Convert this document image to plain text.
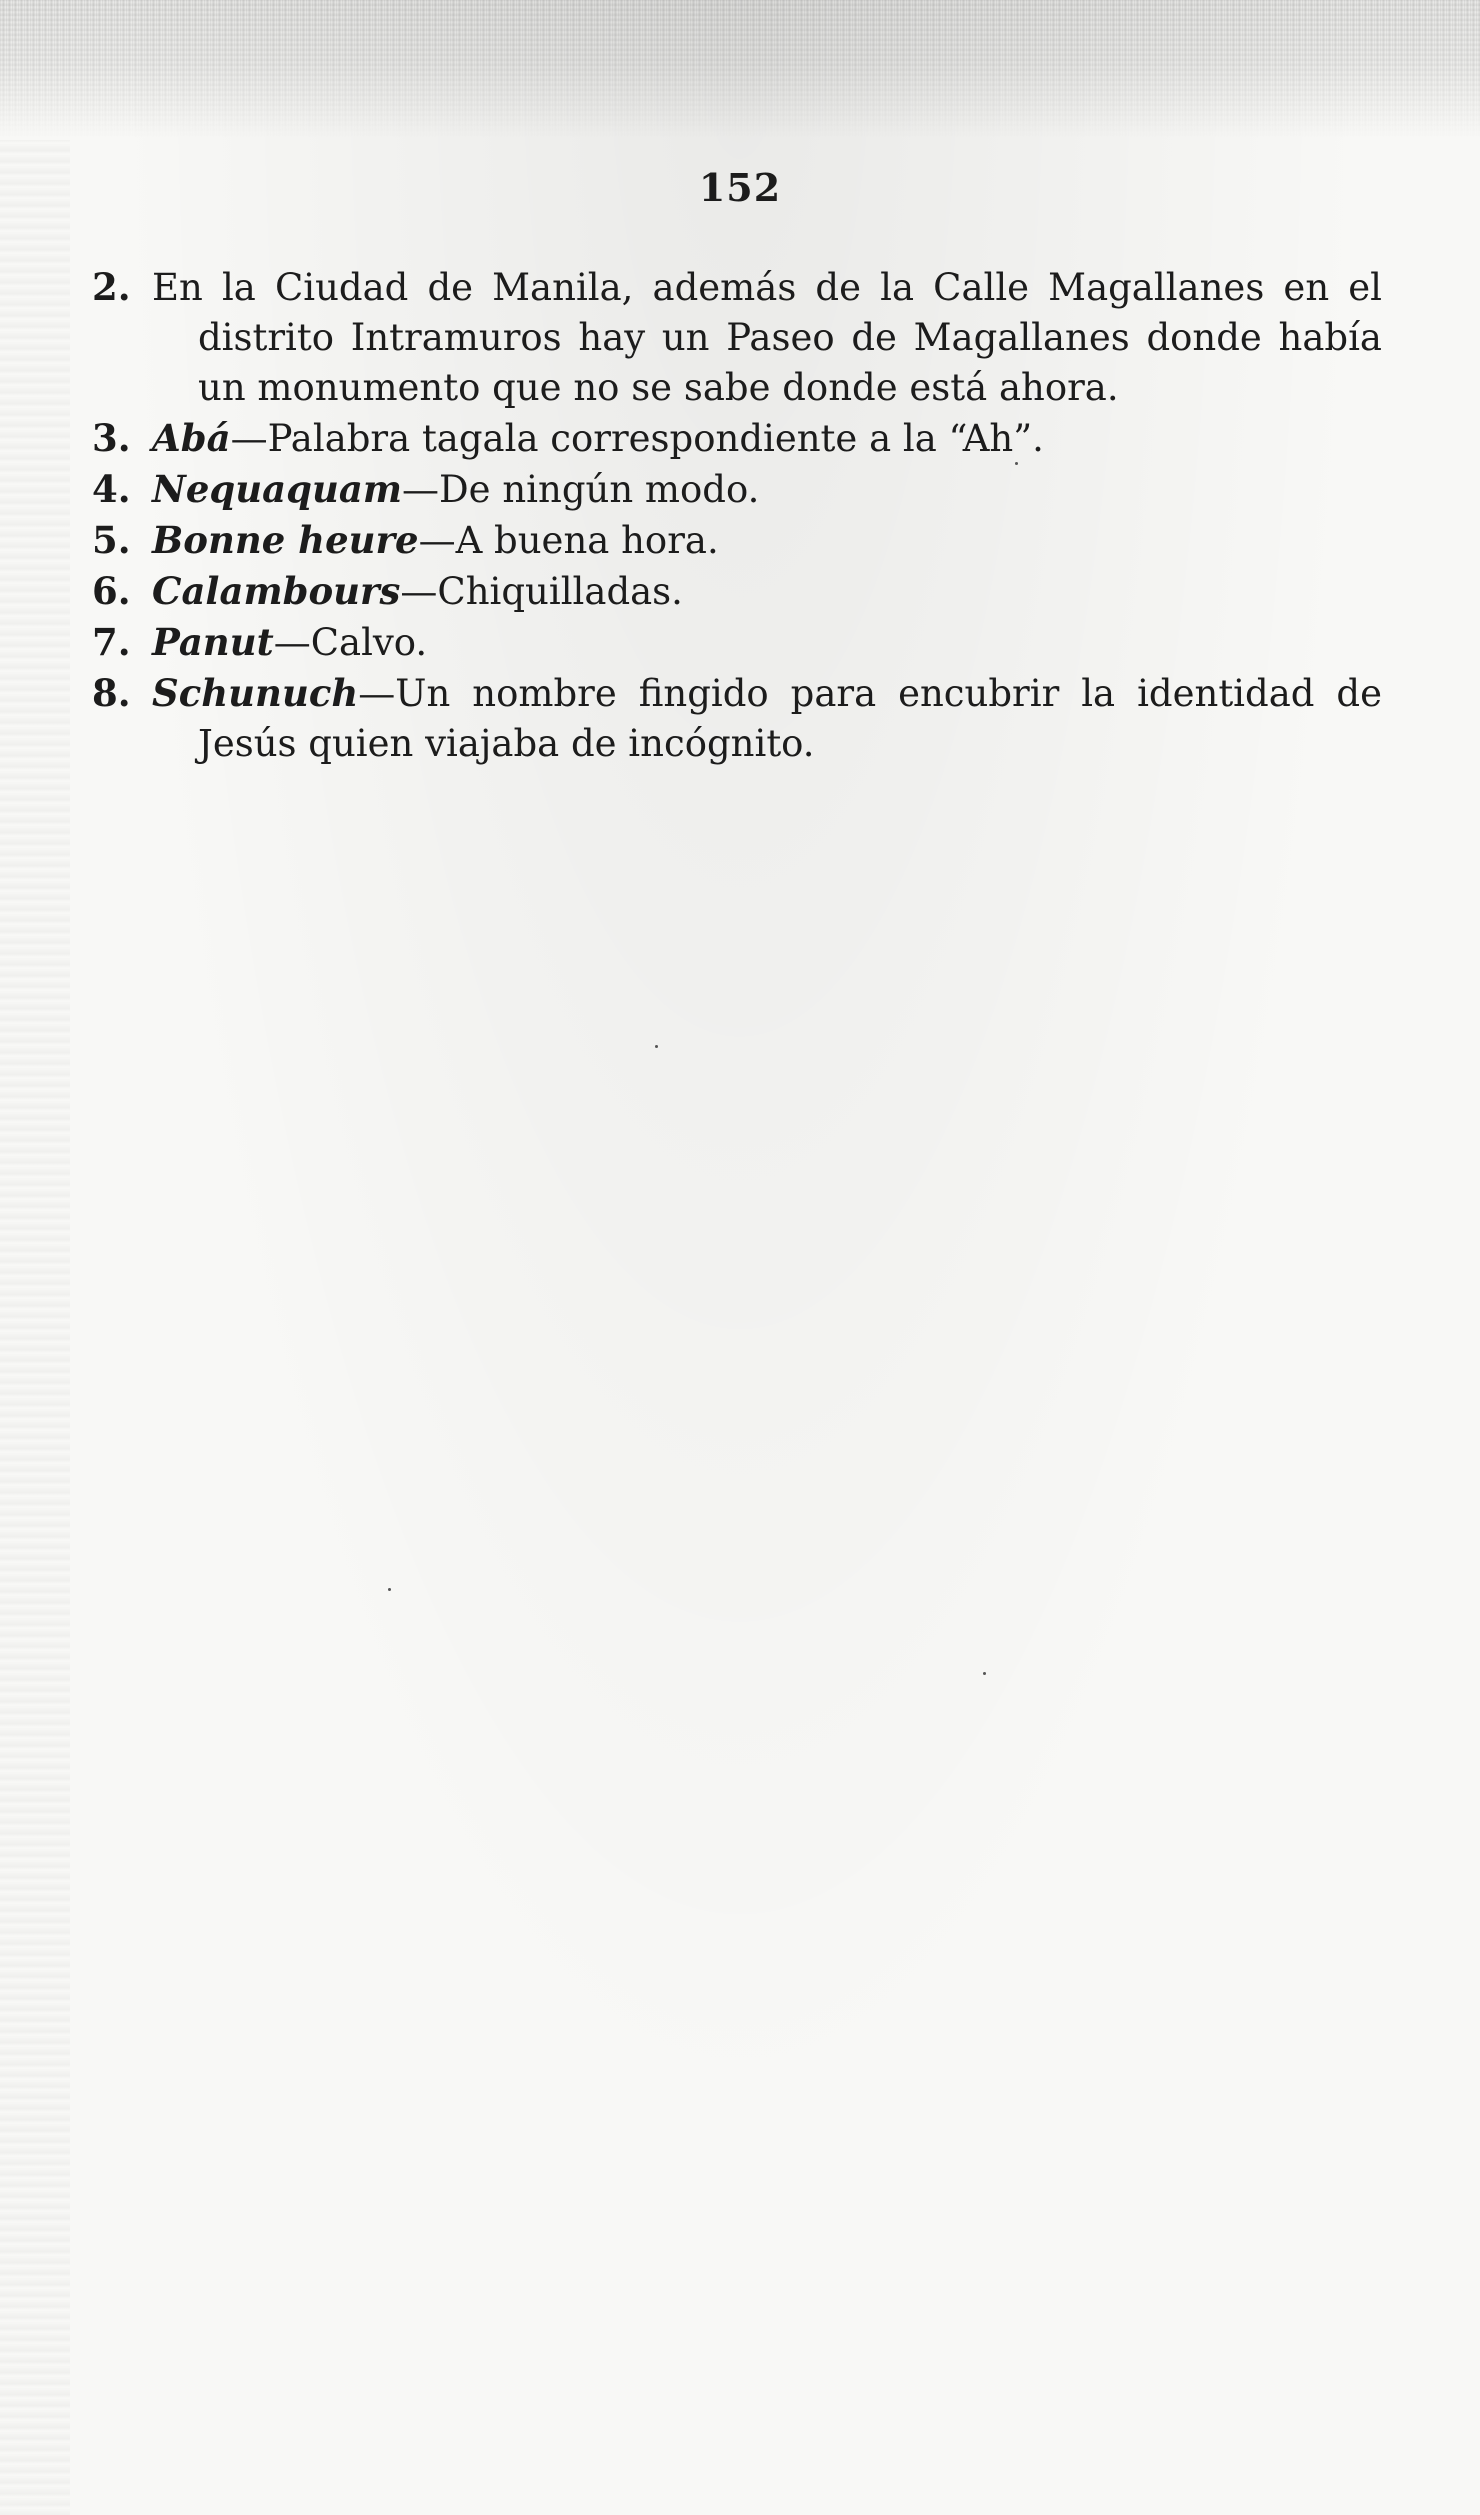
152
2. En la Ciudad de Manila, además de la Calle Magallanes en el distrito Intramuros hay un Paseo de Magallanes donde había un monumento que no se sabe donde está ahora.
3. Abá—Palabra tagala correspondiente a la “Ah”.
4. Nequaquam—De ningún modo.
5. Bonne heure—A buena hora.
6. Calambours—Chiquilladas.
7. Panut—Calvo.
8. Schunuch—Un nombre fingido para encubrir la identidad de Jesús quien viajaba de incógnito.
